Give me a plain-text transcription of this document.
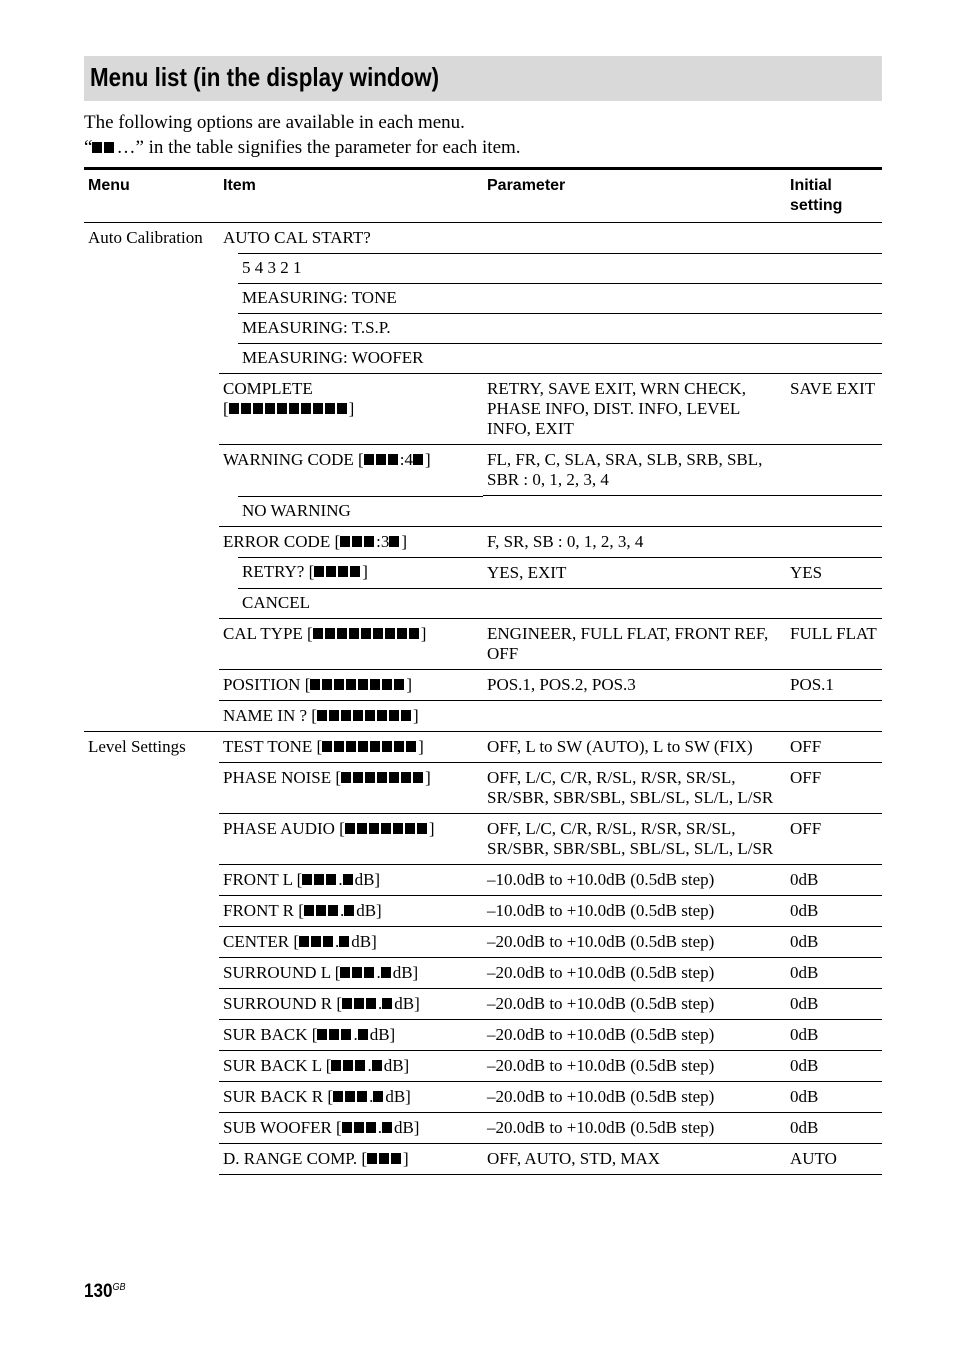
Menu list (in the display window)
The following options are available in each menu.
“ …” in the table signifies the parameter for each item.
Menu	Item	Parameter	Initial
setting
Auto Calibration	AUTO CAL START?		
	5 4 3 2 1		
	MEASURING: TONE		
	MEASURING: T.S.P.		
	MEASURING: WOOFER		
	COMPLETE
[ ]	RETRY, SAVE EXIT, WRN CHECK, PHASE INFO, DIST. INFO, LEVEL INFO, EXIT	SAVE EXIT
	WARNING CODE [ :4 ]	FL, FR, C, SLA, SRA, SLB, SRB, SBL, SBR : 0, 1, 2, 3, 4	
	NO WARNING		
	ERROR CODE [ :3 ]	F, SR, SB : 0, 1, 2, 3, 4	
	RETRY? [ ]	YES, EXIT	YES
	CANCEL		
	CAL TYPE [ ]	ENGINEER, FULL FLAT, FRONT REF, OFF	FULL FLAT
	POSITION [ ]	POS.1, POS.2, POS.3	POS.1
	NAME IN ? [ ]		
Level Settings	TEST TONE [ ]	OFF, L to SW (AUTO), L to SW (FIX)	OFF
	PHASE NOISE [ ]	OFF, L/C, C/R, R/SL, R/SR, SR/SL, SR/SBR, SBR/SBL, SBL/SL, SL/L, L/SR	OFF
	PHASE AUDIO [ ]	OFF, L/C, C/R, R/SL, R/SR, SR/SL, SR/SBR, SBR/SBL, SBL/SL, SL/L, L/SR	OFF
	FRONT L [ . dB]	–10.0dB to +10.0dB (0.5dB step)	0dB
	FRONT R [ . dB]	–10.0dB to +10.0dB (0.5dB step)	0dB
	CENTER [ . dB]	–20.0dB to +10.0dB (0.5dB step)	0dB
	SURROUND L [ . dB]	–20.0dB to +10.0dB (0.5dB step)	0dB
	SURROUND R [ . dB]	–20.0dB to +10.0dB (0.5dB step)	0dB
	SUR BACK [ . dB]	–20.0dB to +10.0dB (0.5dB step)	0dB
	SUR BACK L [ . dB]	–20.0dB to +10.0dB (0.5dB step)	0dB
	SUR BACK R [ . dB]	–20.0dB to +10.0dB (0.5dB step)	0dB
	SUB WOOFER [ . dB]	–20.0dB to +10.0dB (0.5dB step)	0dB
	D. RANGE COMP. [ ]	OFF, AUTO, STD, MAX	AUTO
$130^{GB}$
